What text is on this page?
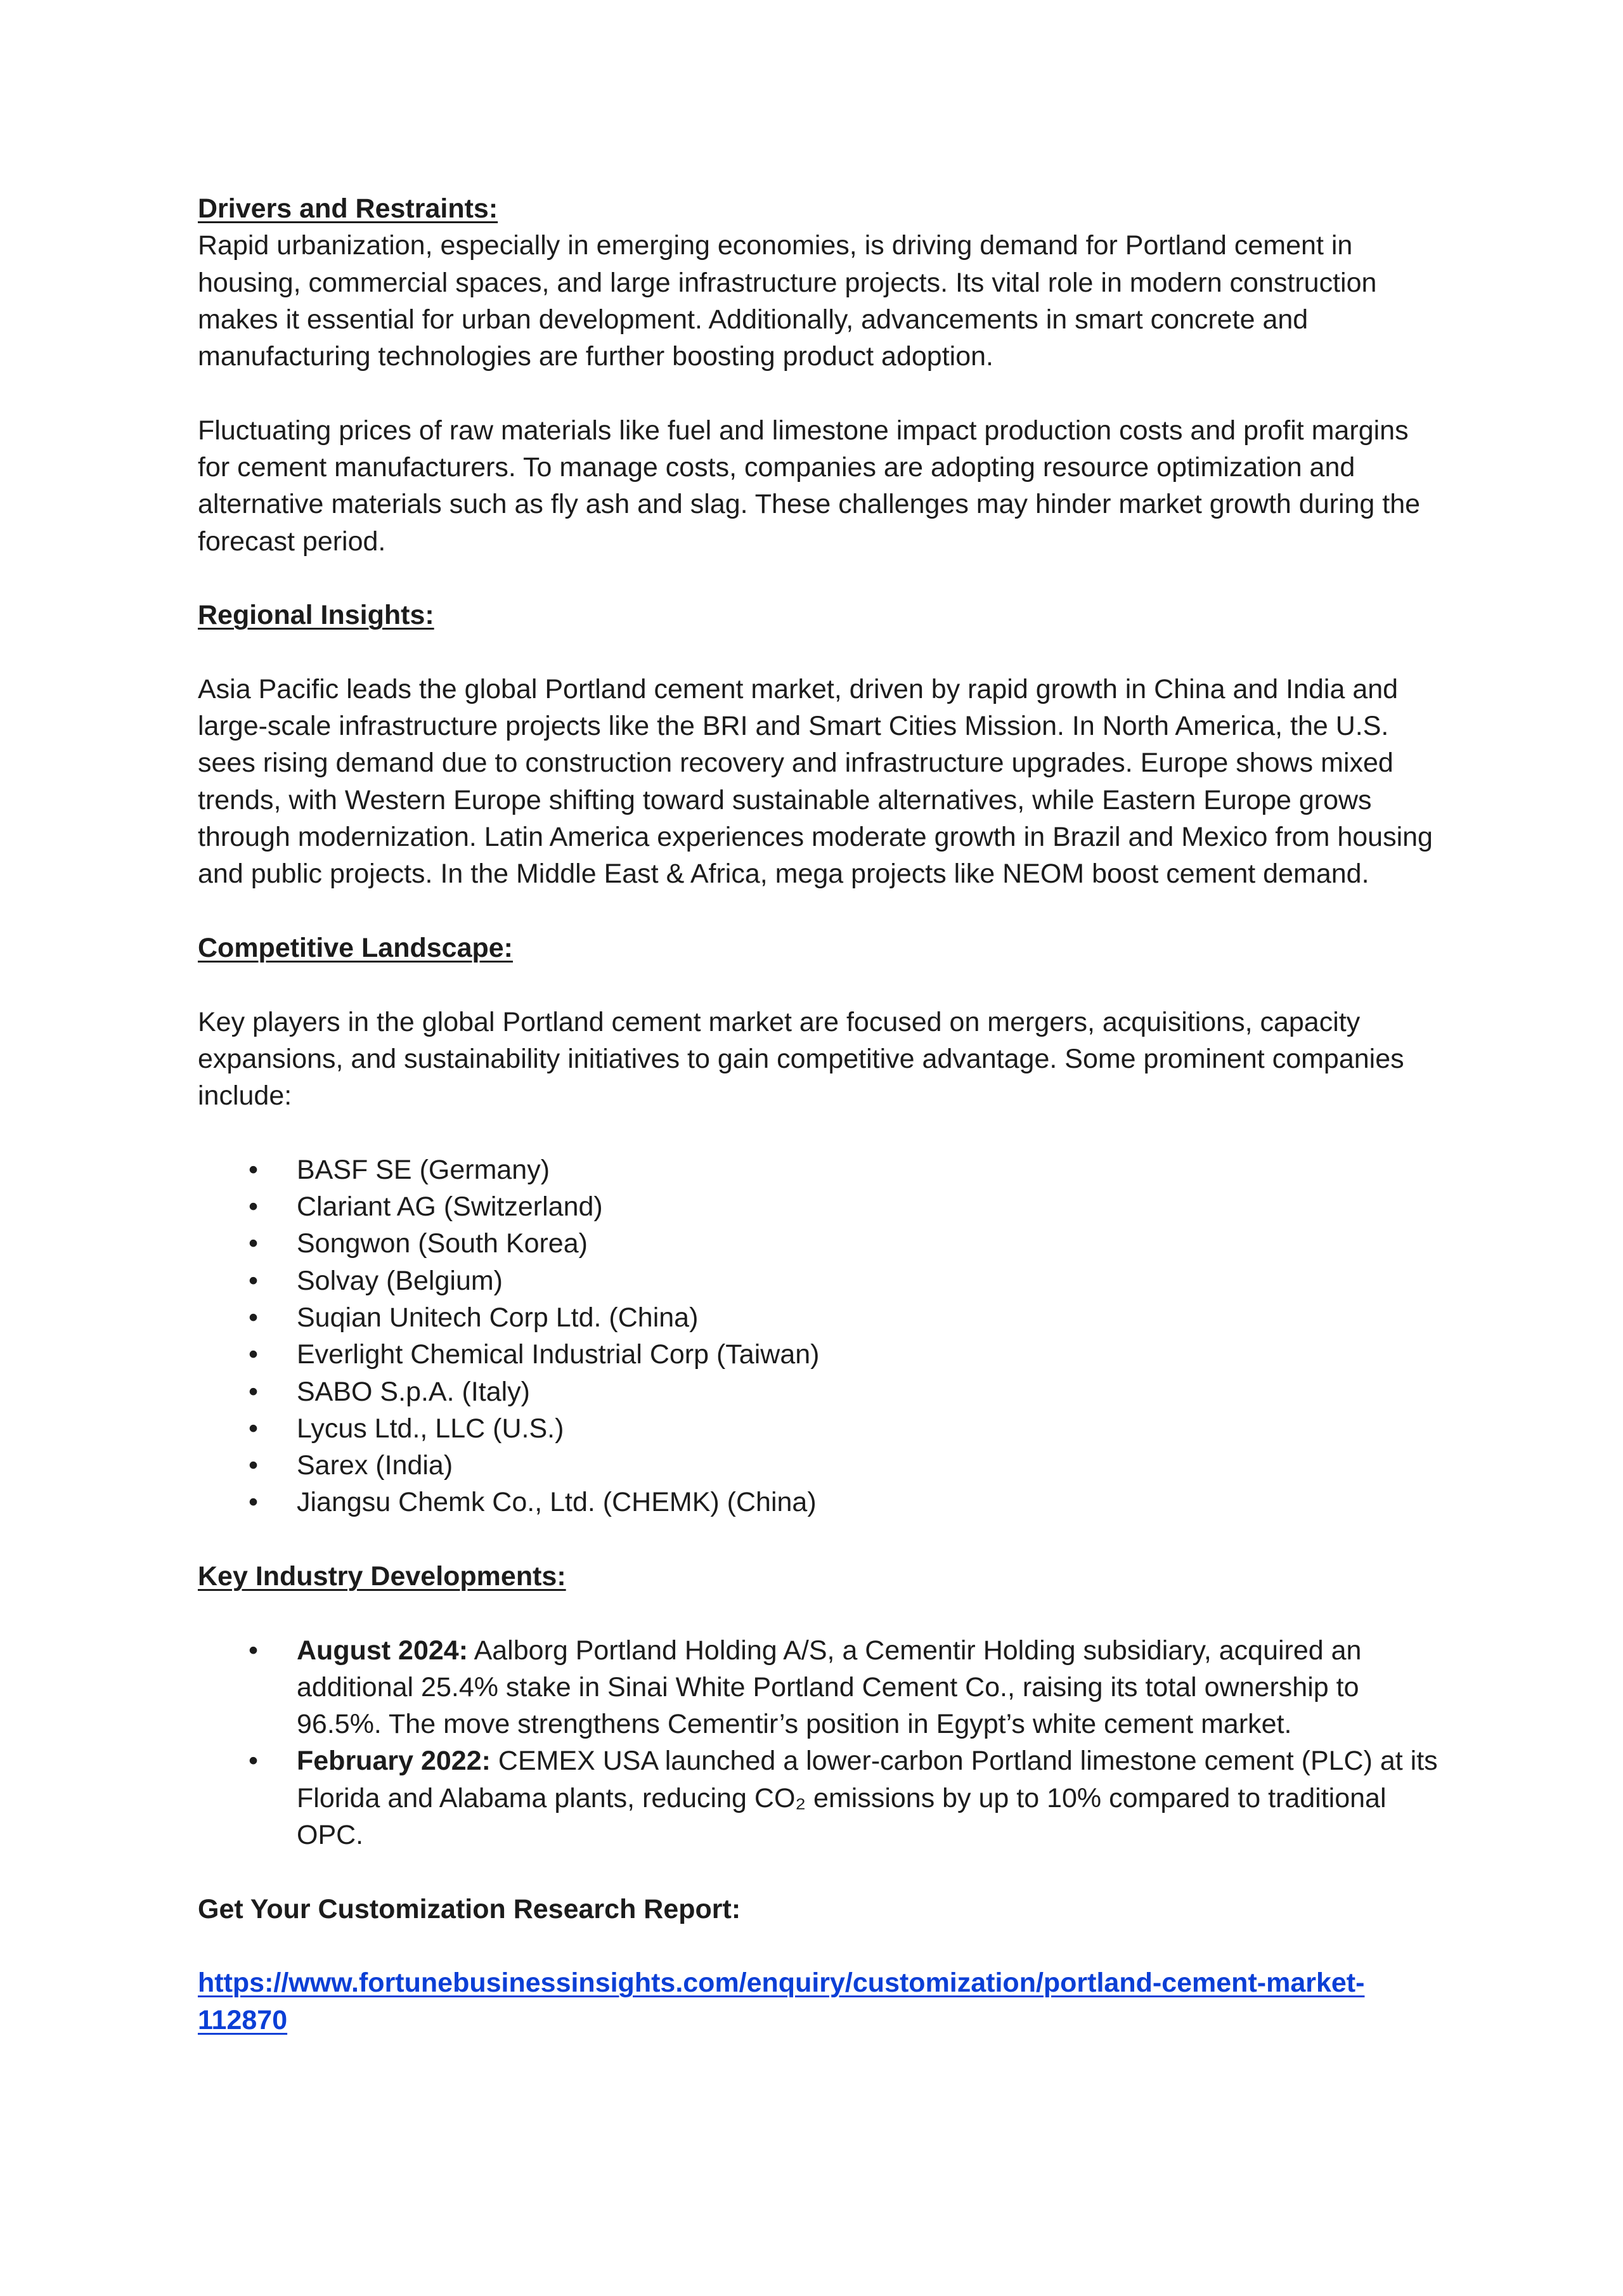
Drivers and Restraints:

Rapid urbanization, especially in emerging economies, is driving demand for Portland cement in housing, commercial spaces, and large infrastructure projects. Its vital role in modern construction makes it essential for urban development. Additionally, advancements in smart concrete and manufacturing technologies are further boosting product adoption.

Fluctuating prices of raw materials like fuel and limestone impact production costs and profit margins for cement manufacturers. To manage costs, companies are adopting resource optimization and alternative materials such as fly ash and slag. These challenges may hinder market growth during the forecast period.

Regional Insights:

Asia Pacific leads the global Portland cement market, driven by rapid growth in China and India and large-scale infrastructure projects like the BRI and Smart Cities Mission. In North America, the U.S. sees rising demand due to construction recovery and infrastructure upgrades. Europe shows mixed trends, with Western Europe shifting toward sustainable alternatives, while Eastern Europe grows through modernization. Latin America experiences moderate growth in Brazil and Mexico from housing and public projects. In the Middle East & Africa, mega projects like NEOM boost cement demand.

Competitive Landscape:

Key players in the global Portland cement market are focused on mergers, acquisitions, capacity expansions, and sustainability initiatives to gain competitive advantage. Some prominent companies include:

• BASF SE (Germany)
• Clariant AG (Switzerland)
• Songwon (South Korea)
• Solvay (Belgium)
• Suqian Unitech Corp Ltd. (China)
• Everlight Chemical Industrial Corp (Taiwan)
• SABO S.p.A. (Italy)
• Lycus Ltd., LLC (U.S.)
• Sarex (India)
• Jiangsu Chemk Co., Ltd. (CHEMK) (China)

Key Industry Developments:

• August 2024: Aalborg Portland Holding A/S, a Cementir Holding subsidiary, acquired an additional 25.4% stake in Sinai White Portland Cement Co., raising its total ownership to 96.5%. The move strengthens Cementir’s position in Egypt’s white cement market.
• February 2022: CEMEX USA launched a lower-carbon Portland limestone cement (PLC) at its Florida and Alabama plants, reducing CO₂ emissions by up to 10% compared to traditional OPC.

Get Your Customization Research Report:

https://www.fortunebusinessinsights.com/enquiry/customization/portland-cement-market-
112870
